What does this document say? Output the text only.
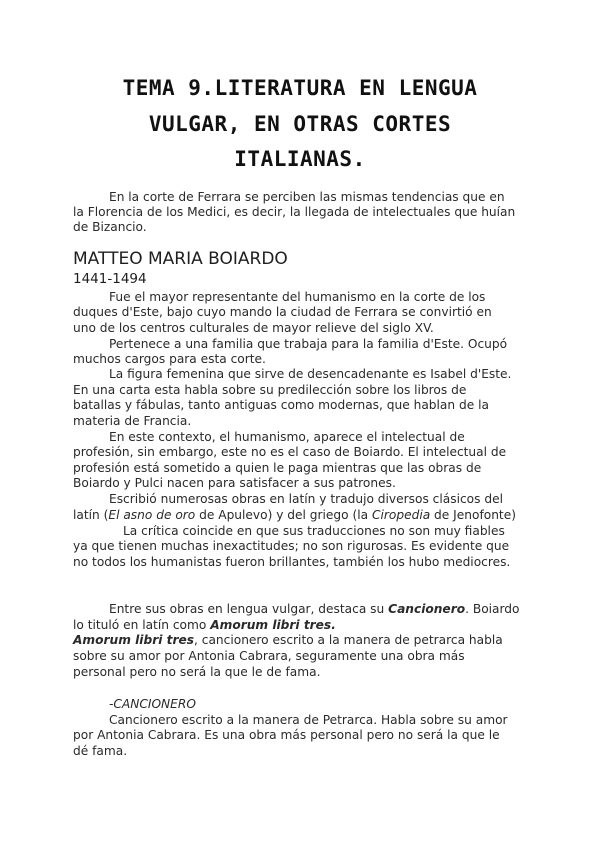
TEMA 9.LITERATURA EN LENGUA
VULGAR, EN OTRAS CORTES
ITALIANAS.
MATTEO MARIA BOIARDO
1441-1494
En la corte de Ferrara se perciben las mismas tendencias que en
la Florencia de los Medici, es decir, la llegada de intelectuales que huían
de Bizancio.
Fue el mayor representante del humanismo en la corte de los
duques d'Este, bajo cuyo mando la ciudad de Ferrara se convirtió en
uno de los centros culturales de mayor relieve del siglo XV.
Pertenece a una familia que trabaja para la familia d'Este. Ocupó
muchos cargos para esta corte.
La figura femenina que sirve de desencadenante es Isabel d'Este.
En una carta esta habla sobre su predilección sobre los libros de
batallas y fábulas, tanto antiguas como modernas, que hablan de la
materia de Francia.
En este contexto, el humanismo, aparece el intelectual de
profesión, sin embargo, este no es el caso de Boiardo. El intelectual de
profesión está sometido a quien le paga mientras que las obras de
Boiardo y Pulci nacen para satisfacer a sus patrones.
Escribió numerosas obras en latín y tradujo diversos clásicos del
latín (El asno de oro de Apulevo) y del griego (la Ciropedia de Jenofonte)
La crítica coincide en que sus traducciones no son muy fiables
ya que tienen muchas inexactitudes; no son rigurosas. Es evidente que
no todos los humanistas fueron brillantes, también los hubo mediocres.
Entre sus obras en lengua vulgar, destaca su Cancionero. Boiardo
lo tituló en latín como Amorum libri tres.
Amorum libri tres, cancionero escrito a la manera de petrarca habla
sobre su amor por Antonia Cabrara, seguramente una obra más
personal pero no será la que le de fama.
-CANCIONERO
Cancionero escrito a la manera de Petrarca. Habla sobre su amor
por Antonia Cabrara. Es una obra más personal pero no será la que le
dé fama.
